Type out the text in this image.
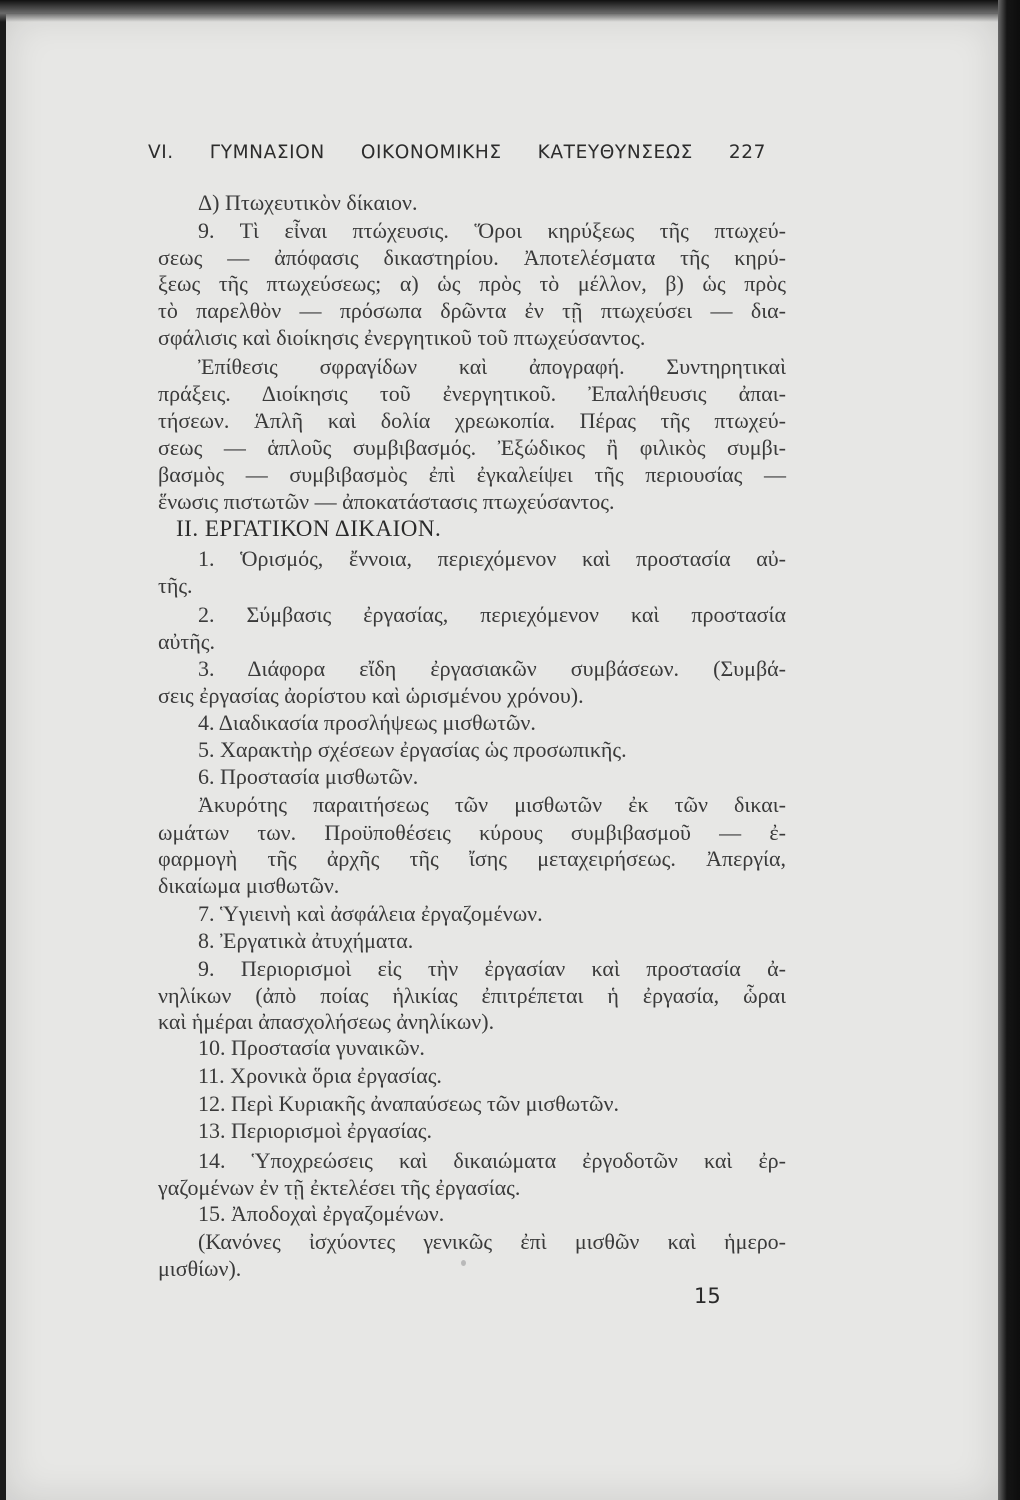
VI. ΓΥΜΝΑΣΙΟΝ ΟΙΚΟΝΟΜΙΚΗΣ ΚΑΤΕΥΘΥΝΣΕΩΣ 227
Δ) Πτωχευτικὸν δίκαιον.
9. Τὶ εἶναι πτώχευσις. Ὅροι κηρύξεως τῆς πτωχεύ-
σεως — ἀπόφασις δικαστηρίου. Ἀποτελέσματα τῆς κηρύ-
ξεως τῆς πτωχεύσεως; α) ὡς πρὸς τὸ μέλλον, β) ὡς πρὸς
τὸ παρελθὸν — πρόσωπα δρῶντα ἐν τῇ πτωχεύσει — δια-
σφάλισις καὶ διοίκησις ἐνεργητικοῦ τοῦ πτωχεύσαντος.
Ἐπίθεσις σφραγίδων καὶ ἀπογραφή. Συντηρητικαὶ
πράξεις. Διοίκησις τοῦ ἐνεργητικοῦ. Ἐπαλήθευσις ἀπαι-
τήσεων. Ἁπλῆ καὶ δολία χρεωκοπία. Πέρας τῆς πτωχεύ-
σεως — ἁπλοῦς συμβιβασμός. Ἐξώδικος ἢ φιλικὸς συμβι-
βασμὸς — συμβιβασμὸς ἐπὶ ἐγκαλείψει τῆς περιουσίας —
ἕνωσις πιστωτῶν — ἀποκατάστασις πτωχεύσαντος.
ΙΙ. ΕΡΓΑΤΙΚΟΝ ΔΙΚΑΙΟΝ.
1. Ὁρισμός, ἔννοια, περιεχόμενον καὶ προστασία αὐ-
τῆς.
2. Σύμβασις ἐργασίας, περιεχόμενον καὶ προστασία
αὐτῆς.
3. Διάφορα εἴδη ἐργασιακῶν συμβάσεων. (Συμβά-
σεις ἐργασίας ἀορίστου καὶ ὡρισμένου χρόνου).
4. Διαδικασία προσλήψεως μισθωτῶν.
5. Χαρακτὴρ σχέσεων ἐργασίας ὡς προσωπικῆς.
6. Προστασία μισθωτῶν.
Ἀκυρότης παραιτήσεως τῶν μισθωτῶν ἐκ τῶν δικαι-
ωμάτων των. Προϋποθέσεις κύρους συμβιβασμοῦ — ἐ-
φαρμογὴ τῆς ἀρχῆς τῆς ἴσης μεταχειρήσεως. Ἀπεργία,
δικαίωμα μισθωτῶν.
7. Ὑγιεινὴ καὶ ἀσφάλεια ἐργαζομένων.
8. Ἐργατικὰ ἀτυχήματα.
9. Περιορισμοὶ εἰς τὴν ἐργασίαν καὶ προστασία ἀ-
νηλίκων (ἀπὸ ποίας ἡλικίας ἐπιτρέπεται ἡ ἐργασία, ὧραι
καὶ ἡμέραι ἀπασχολήσεως ἀνηλίκων).
10. Προστασία γυναικῶν.
11. Χρονικὰ ὅρια ἐργασίας.
12. Περὶ Κυριακῆς ἀναπαύσεως τῶν μισθωτῶν.
13. Περιορισμοὶ ἐργασίας.
14. Ὑποχρεώσεις καὶ δικαιώματα ἐργοδοτῶν καὶ ἐρ-
γαζομένων ἐν τῇ ἐκτελέσει τῆς ἐργασίας.
15. Ἀποδοχαὶ ἐργαζομένων.
(Κανόνες ἰσχύοντες γενικῶς ἐπὶ μισθῶν καὶ ἡμερο-
μισθίων).
15
